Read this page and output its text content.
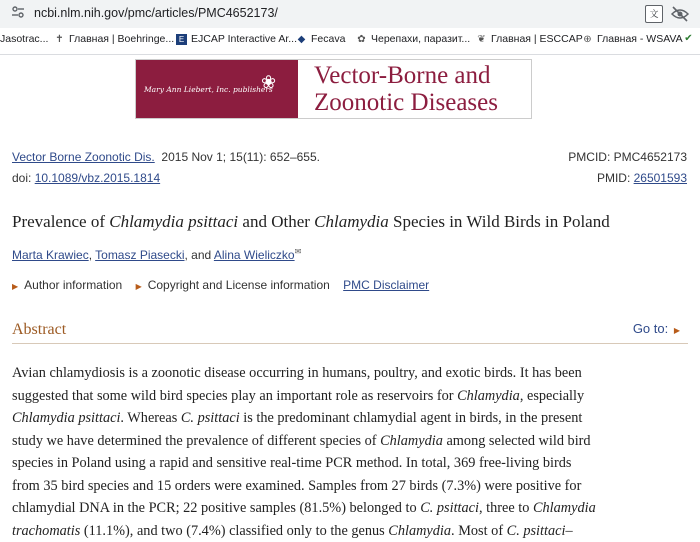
ncbi.nlm.nih.gov/pmc/articles/PMC4652173/	文
Jasotrac... ✝ Главная | Boehringe... E EJCAP Interactive Ar... ◆ Fecava ✿ Черепахи, паразит... ❦ Главная | ESCCAP ⊕ Главная - WSAVA ✔
Mary Ann Liebert, Inc. publishers
❀ Vector-Borne and
Zoonotic Diseases
Vector Borne Zoonotic Dis. 2015 Nov 1; 15(11): 652–655.
doi: 10.1089/vbz.2015.1814
PMCID: PMC4652173
PMID: 26501593
Prevalence of Chlamydia psittaci and Other Chlamydia Species in Wild Birds in Poland
Marta Krawiec, Tomasz Piasecki, and Alina Wieliczko✉
▶ Author information ▶ Copyright and License information PMC Disclaimer
Abstract	Go to: ▶
Avian chlamydiosis is a zoonotic disease occurring in humans, poultry, and exotic birds. It has been
suggested that some wild bird species play an important role as reservoirs for Chlamydia, especially
Chlamydia psittaci. Whereas C. psittaci is the predominant chlamydial agent in birds, in the present
study we have determined the prevalence of different species of Chlamydia among selected wild bird
species in Poland using a rapid and sensitive real-time PCR method. In total, 369 free-living birds
from 35 bird species and 15 orders were examined. Samples from 27 birds (7.3%) were positive for
chlamydial DNA in the PCR; 22 positive samples (81.5%) belonged to C. psittaci, three to Chlamydia
trachomatis (11.1%), and two (7.4%) classified only to the genus Chlamydia. Most of C. psittaci–
